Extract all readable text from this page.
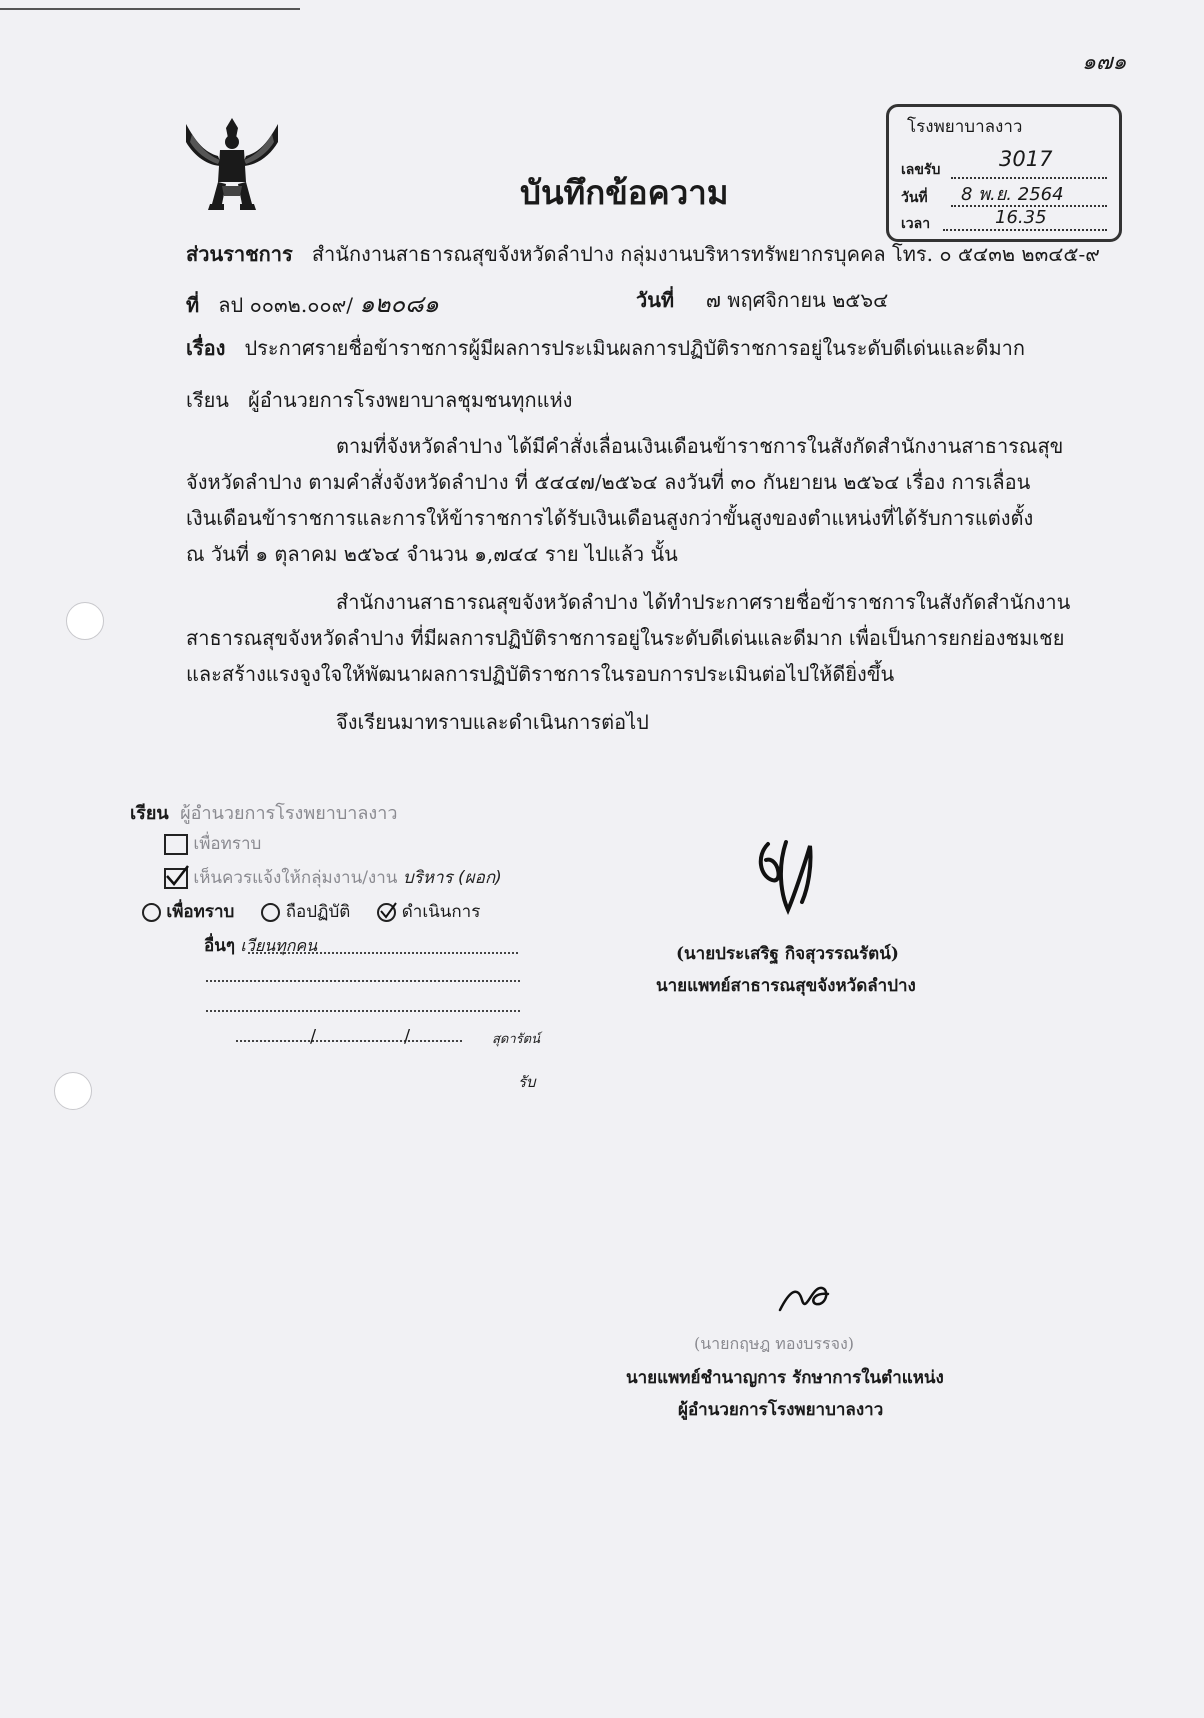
๑๗๑
บันทึกข้อความ
โรงพยาบาลงาว
เลขรับ	3017
วันที่ 8 พ.ย. 2564
เวลา	16.35
ส่วนราชการ สำนักงานสาธารณสุขจังหวัดลำปาง กลุ่มงานบริหารทรัพยากรบุคคล โทร. ๐ ๕๔๓๒ ๒๓๔๕-๙
ที่ ลป ๐๐๓๒.๐๐๙/ ๑๒๐๘๑	วันที่ ๗ พฤศจิกายน ๒๕๖๔
เรื่อง ประกาศรายชื่อข้าราชการผู้มีผลการประเมินผลการปฏิบัติราชการอยู่ในระดับดีเด่นและดีมาก
เรียน ผู้อำนวยการโรงพยาบาลชุมชนทุกแห่ง
ตามที่จังหวัดลำปาง ได้มีคำสั่งเลื่อนเงินเดือนข้าราชการในสังกัดสำนักงานสาธารณสุข
จังหวัดลำปาง ตามคำสั่งจังหวัดลำปาง ที่ ๕๔๔๗/๒๕๖๔ ลงวันที่ ๓๐ กันยายน ๒๕๖๔ เรื่อง การเลื่อน
เงินเดือนข้าราชการและการให้ข้าราชการได้รับเงินเดือนสูงกว่าขั้นสูงของตำแหน่งที่ได้รับการแต่งตั้ง
ณ วันที่ ๑ ตุลาคม ๒๕๖๔ จำนวน ๑,๗๔๔ ราย ไปแล้ว นั้น
สำนักงานสาธารณสุขจังหวัดลำปาง ได้ทำประกาศรายชื่อข้าราชการในสังกัดสำนักงาน
สาธารณสุขจังหวัดลำปาง ที่มีผลการปฏิบัติราชการอยู่ในระดับดีเด่นและดีมาก เพื่อเป็นการยกย่องชมเชย
และสร้างแรงจูงใจให้พัฒนาผลการปฏิบัติราชการในรอบการประเมินต่อไปให้ดียิ่งขึ้น
จึงเรียนมาทราบและดำเนินการต่อไป
(นายประเสริฐ กิจสุวรรณรัตน์)
นายแพทย์สาธารณสุขจังหวัดลำปาง
เรียน ผู้อำนวยการโรงพยาบาลงาว
เพื่อทราบ
เห็นควรแจ้งให้กลุ่มงาน/งาน บริหาร (ผอก)
เพื่อทราบ	ถือปฏิบัติ	ดำเนินการ
อื่นๆ เวียนทุกคน
/	/	สุดารัตน์
รับ
(นายกฤษฎ ทองบรรจง)
นายแพทย์ชำนาญการ รักษาการในตำแหน่ง
ผู้อำนวยการโรงพยาบาลงาว
